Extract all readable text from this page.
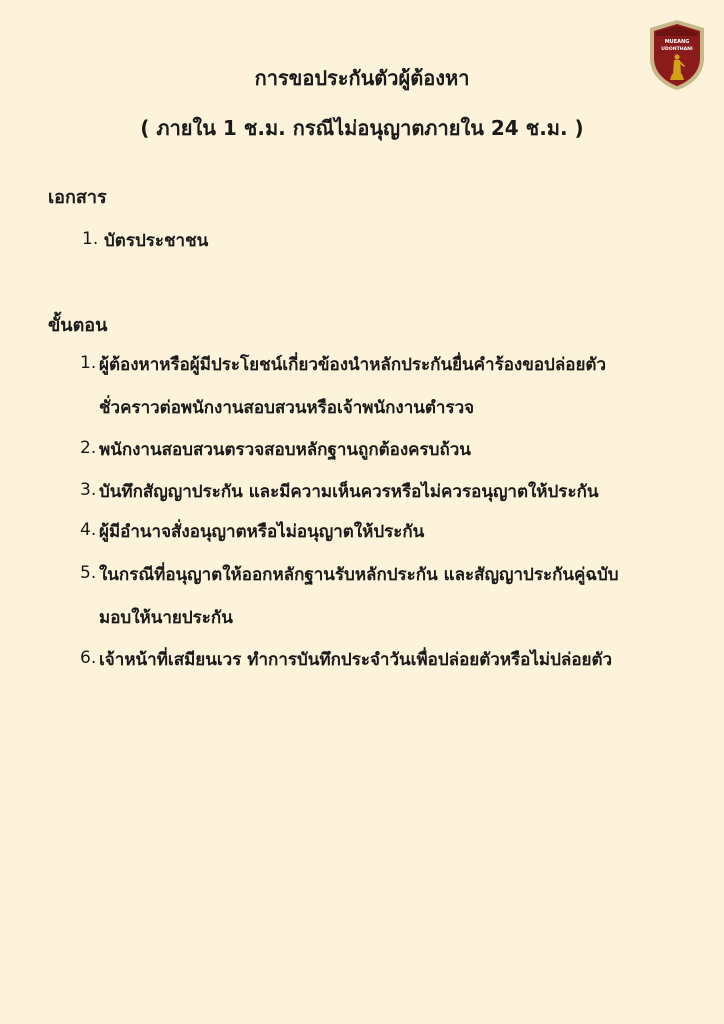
MUEANG
UDONTHANI
การขอประกันตัวผู้ต้องหา
( ภายใน 1 ช.ม. กรณีไม่อนุญาตภายใน 24 ช.ม. )
เอกสาร
1. บัตรประชาชน
ขั้นตอน
1. ผู้ต้องหาหรือผู้มีประโยชน์เกี่ยวข้องนำหลักประกันยื่นคำร้องขอปล่อยตัว
ชั่วคราวต่อพนักงานสอบสวนหรือเจ้าพนักงานตำรวจ
2. พนักงานสอบสวนตรวจสอบหลักฐานถูกต้องครบถ้วน
3. บันทึกสัญญาประกัน และมีความเห็นควรหรือไม่ควรอนุญาตให้ประกัน
4. ผู้มีอำนาจสั่งอนุญาตหรือไม่อนุญาตให้ประกัน
5. ในกรณีที่อนุญาตให้ออกหลักฐานรับหลักประกัน และสัญญาประกันคู่ฉบับ
มอบให้นายประกัน
6. เจ้าหน้าที่เสมียนเวร ทำการบันทึกประจำวันเพื่อปล่อยตัวหรือไม่ปล่อยตัว
